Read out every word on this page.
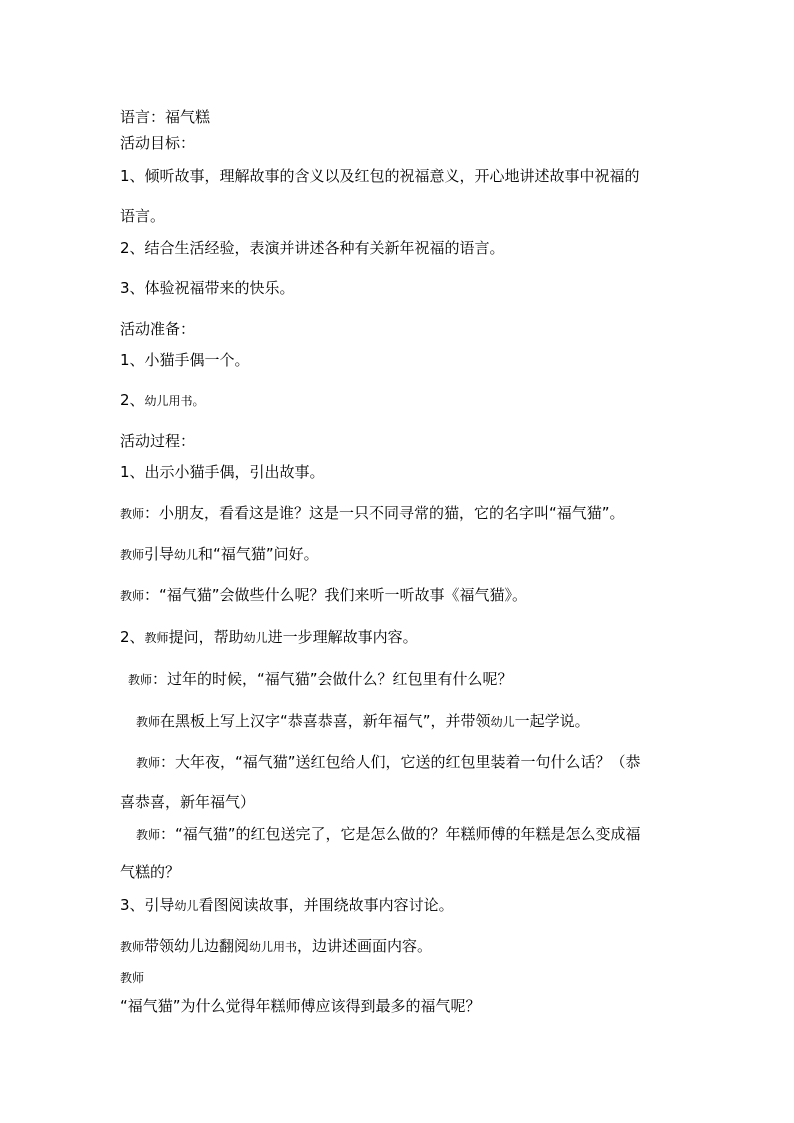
语言：福气糕
活动目标：
1、倾听故事，理解故事的含义以及红包的祝福意义，开心地讲述故事中祝福的
语言。
2、结合生活经验，表演并讲述各种有关新年祝福的语言。
3、体验祝福带来的快乐。
活动准备：
1、小猫手偶一个。
2、幼儿用书。
活动过程：
1、出示小猫手偶，引出故事。
教师：小朋友，看看这是谁？这是一只不同寻常的猫，它的名字叫“福气猫”。
教师引导幼儿和“福气猫”问好。
教师：“福气猫”会做些什么呢？我们来听一听故事《福气猫》。
2、教师提问，帮助幼儿进一步理解故事内容。
教师：过年的时候，“福气猫”会做什么？红包里有什么呢？
教师在黑板上写上汉字“恭喜恭喜，新年福气”，并带领幼儿一起学说。
教师：大年夜，“福气猫”送红包给人们，它送的红包里装着一句什么话？（恭
喜恭喜，新年福气）
教师：“福气猫”的红包送完了，它是怎么做的？年糕师傅的年糕是怎么变成福
气糕的？
3、引导幼儿看图阅读故事，并围绕故事内容讨论。
教师带领幼儿边翻阅幼儿用书，边讲述画面内容。
教师
“福气猫”为什么觉得年糕师傅应该得到最多的福气呢？
